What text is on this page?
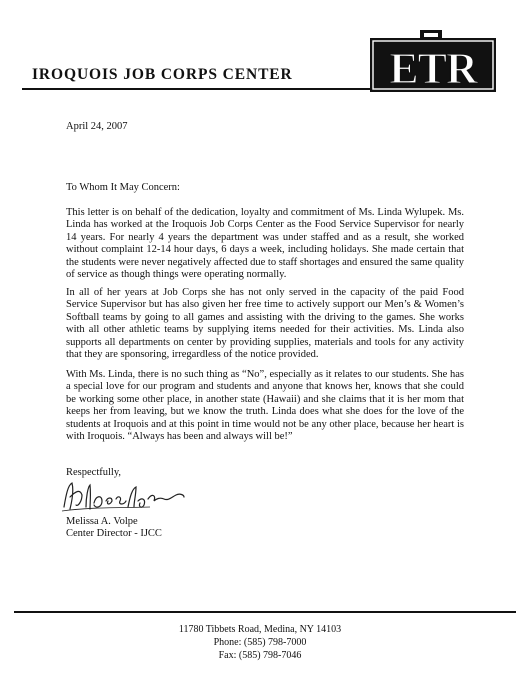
IROQUOIS JOB CORPS CENTER ETR
April 24, 2007
To Whom It May Concern:

This letter is on behalf of the dedication, loyalty and commitment of Ms. Linda Wylupek. Ms. Linda has worked at the Iroquois Job Corps Center as the Food Service Supervisor for nearly 14 years. For nearly 4 years the department was under staffed and as a result, she worked without complaint 12-14 hour days, 6 days a week, including holidays. She made certain that the students were never negatively affected due to staff shortages and ensured the same quality of service as though things were operating normally.

In all of her years at Job Corps she has not only served in the capacity of the paid Food Service Supervisor but has also given her free time to actively support our Men’s & Women’s Softball teams by going to all games and assisting with the driving to the games. She works with all other athletic teams by supplying items needed for their activities. Ms. Linda also supports all departments on center by providing supplies, materials and tools for any activity that they are sponsoring, irregardless of the notice provided.

With Ms. Linda, there is no such thing as “No”, especially as it relates to our students. She has a special love for our program and students and anyone that knows her, knows that she could be working some other place, in another state (Hawaii) and she claims that it is her mom that keeps her from leaving, but we know the truth. Linda does what she does for the love of the students at Iroquois and at this point in time would not be any other place, because her heart is with Iroquois. “Always has been and always will be!”

Respectfully,
Melissa A. Volpe
Center Director - IJCC
11780 Tibbets Road, Medina, NY 14103
Phone: (585) 798-7000
Fax: (585) 798-7046
